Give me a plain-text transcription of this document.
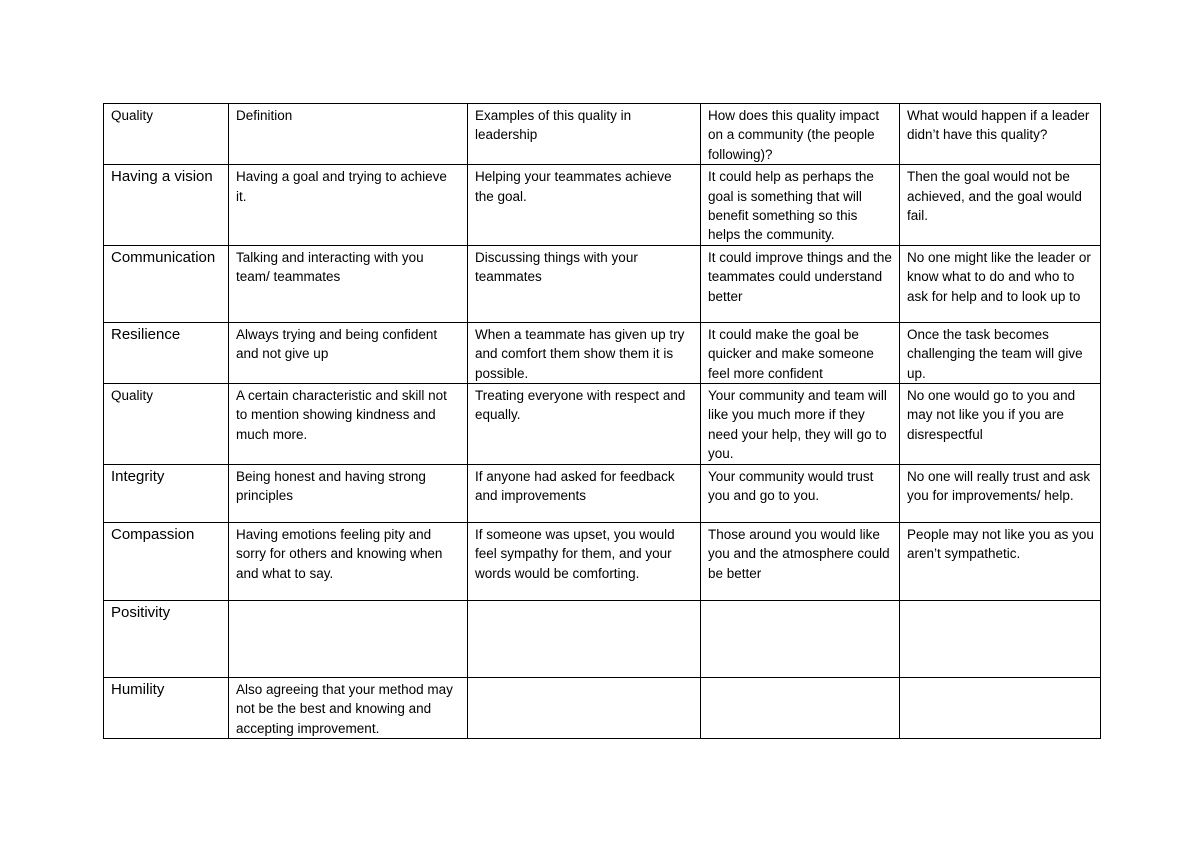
Quality	Definition	Examples of this quality in leadership	How does this quality impact on a community (the people following)?	What would happen if a leader didn’t have this quality?
Having a vision	Having a goal and trying to achieve it.	Helping your teammates achieve the goal.	It could help as perhaps the goal is something that will benefit something so this helps the community.	Then the goal would not be achieved, and the goal would fail.
Communication	Talking and interacting with you team/ teammates	Discussing things with your teammates	It could improve things and the teammates could understand better	No one might like the leader or know what to do and who to ask for help and to look up to
Resilience	Always trying and being confident and not give up	When a teammate has given up try and comfort them show them it is possible.	It could make the goal be quicker and make someone feel more confident	Once the task becomes challenging the team will give up.
Quality	A certain characteristic and skill not to mention showing kindness and much more.	Treating everyone with respect and equally.	Your community and team will like you much more if they need your help, they will go to you.	No one would go to you and may not like you if you are disrespectful
Integrity	Being honest and having strong principles	If anyone had asked for feedback and improvements	Your community would trust you and go to you.	No one will really trust and ask you for improvements/ help.
Compassion	Having emotions feeling pity and sorry for others and knowing when and what to say.	If someone was upset, you would feel sympathy for them, and your words would be comforting.	Those around you would like you and the atmosphere could be better	People may not like you as you aren’t sympathetic.
Positivity				
Humility	Also agreeing that your method may not be the best and knowing and accepting improvement.			
